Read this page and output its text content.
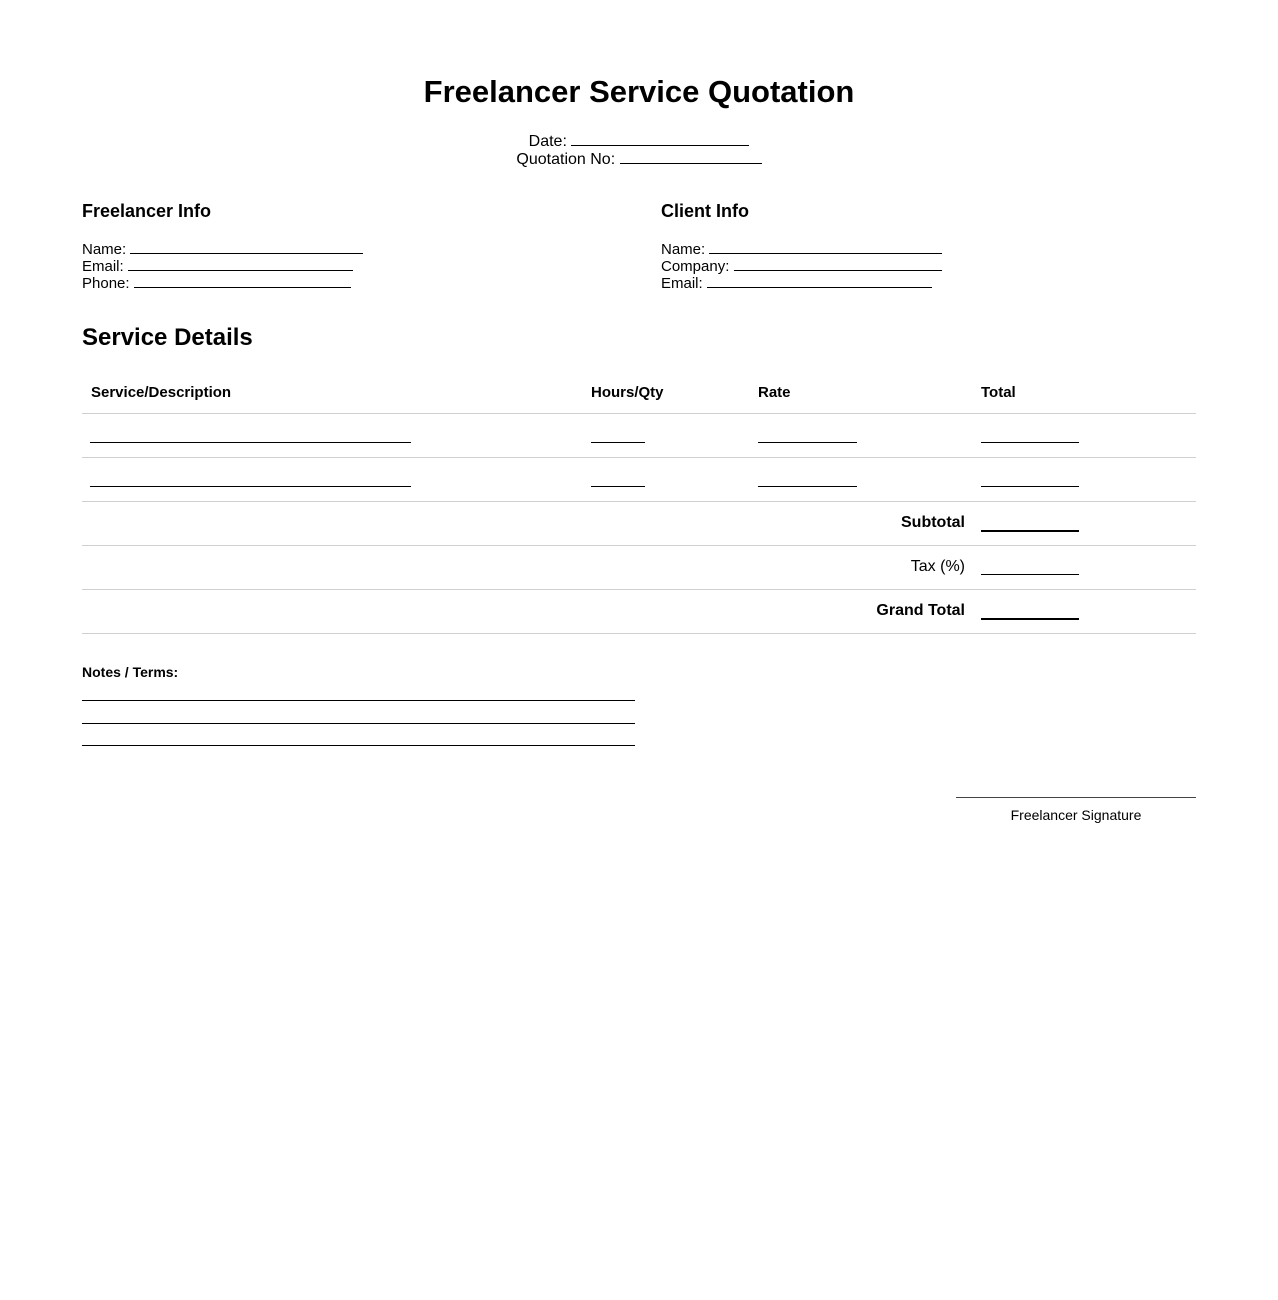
Freelancer Service Quotation
Date:
Quotation No:
Freelancer Info
Name:
Email:
Phone:
Client Info
Name:
Company:
Email:
Service Details
Service/Description	Hours/Qty	Rate	Total
Subtotal
Tax (%)
Grand Total
Notes / Terms:
Freelancer Signature
